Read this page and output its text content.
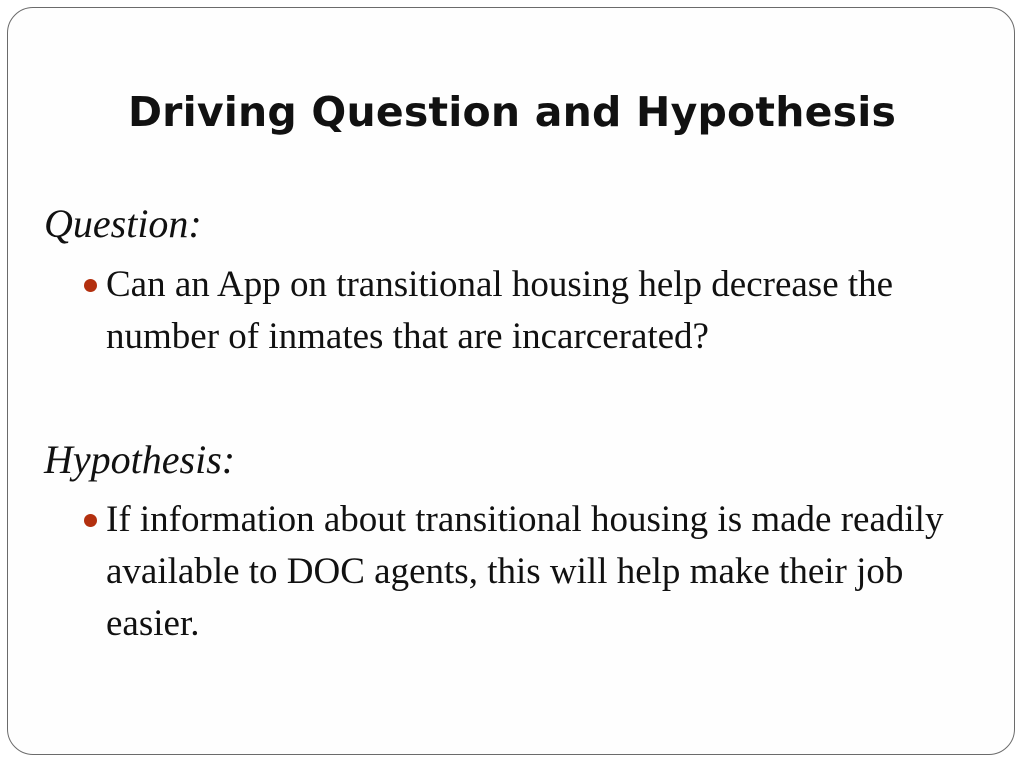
Driving Question and Hypothesis
Question:
Can an App on transitional housing help decrease the number of inmates that are incarcerated?
Hypothesis:
If information about transitional housing is made readily available to DOC agents, this will help make their job easier.
